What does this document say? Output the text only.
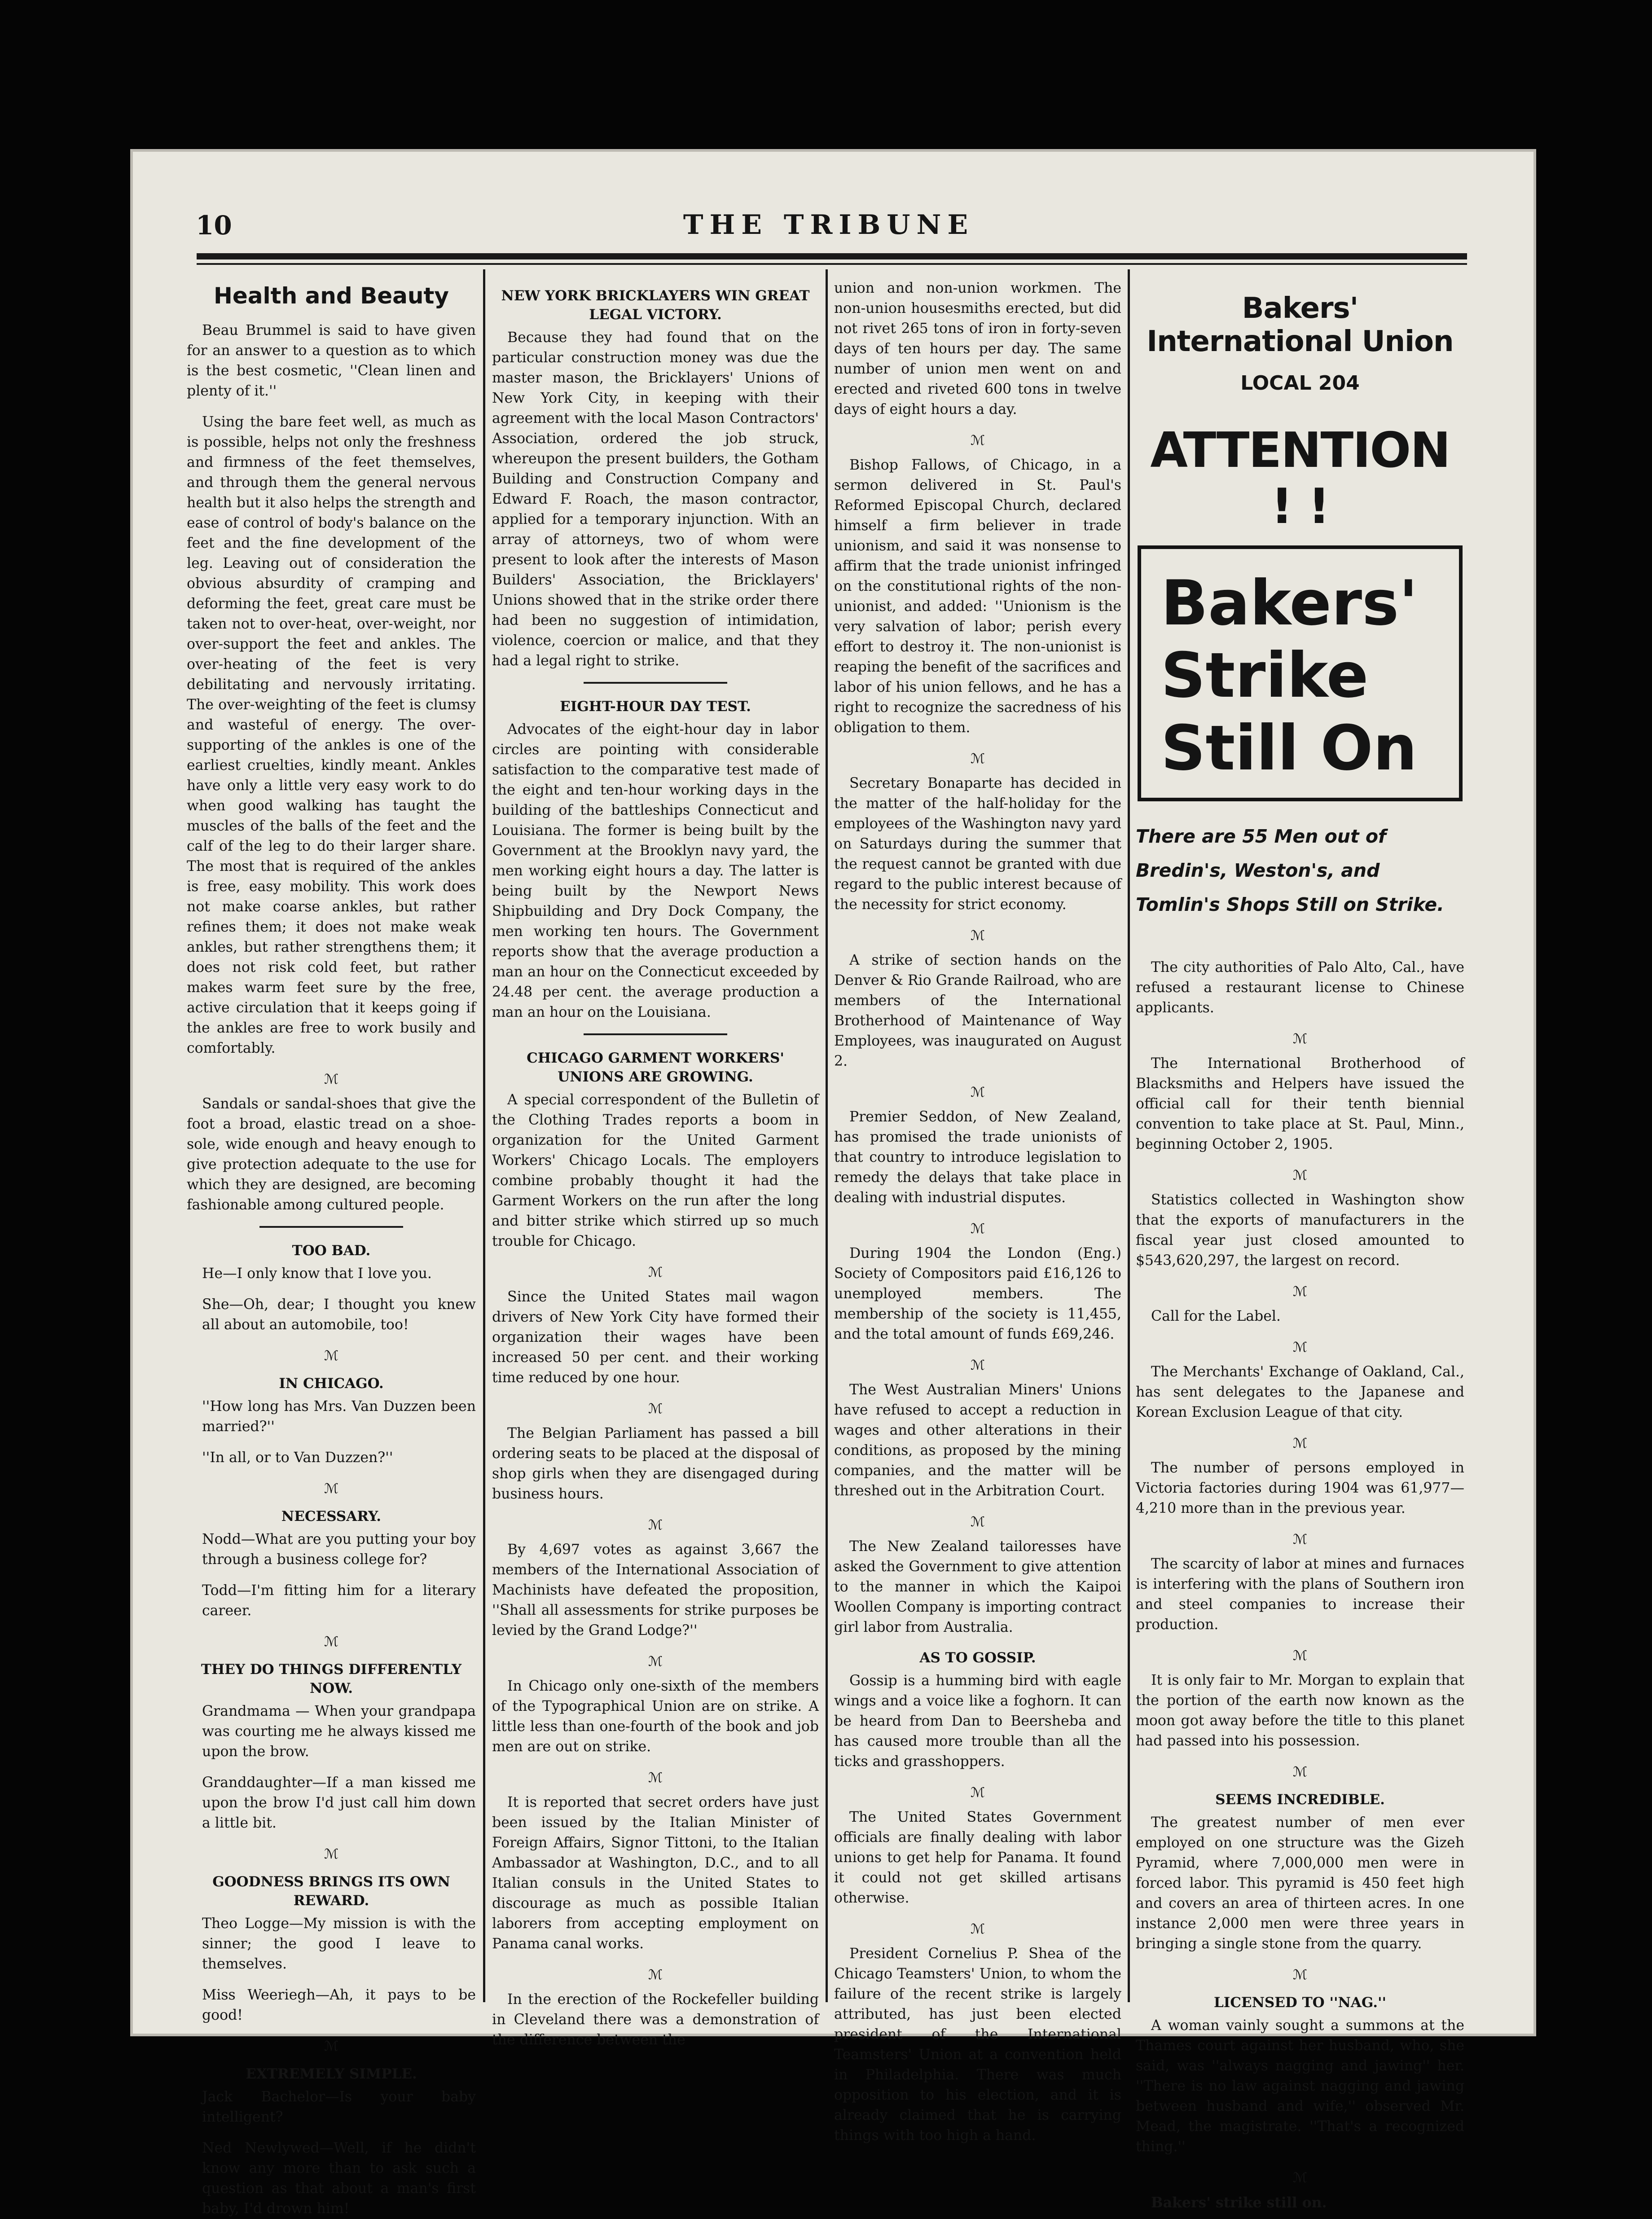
10	THE TRIBUNE
Health and Beauty

Beau Brummel is said to have given for an answer to a question as to which is the best cosmetic, ''Clean linen and plenty of it.''

Using the bare feet well, as much as is possible, helps not only the freshness and firmness of the feet themselves, and through them the general nervous health but it also helps the strength and ease of control of body's balance on the feet and the fine development of the leg. Leaving out of consideration the obvious absurdity of cramping and deforming the feet, great care must be taken not to over-heat, over-weight, nor over-support the feet and ankles. The over-heating of the feet is very debilitating and nervously irritating. The over-weighting of the feet is clumsy and wasteful of energy. The over-supporting of the ankles is one of the earliest cruelties, kindly meant. Ankles have only a little very easy work to do when good walking has taught the muscles of the balls of the feet and the calf of the leg to do their larger share. The most that is required of the ankles is free, easy mobility. This work does not make coarse ankles, but rather refines them; it does not make weak ankles, but rather strengthens them; it does not risk cold feet, but rather makes warm feet sure by the free, active circulation that it keeps going if the ankles are free to work busily and comfortably.

ℳ

Sandals or sandal-shoes that give the foot a broad, elastic tread on a shoe-sole, wide enough and heavy enough to give protection adequate to the use for which they are designed, are becoming fashionable among cultured people.

TOO BAD.

He—I only know that I love you.

She—Oh, dear; I thought you knew all about an automobile, too!

ℳ
IN CHICAGO.

''How long has Mrs. Van Duzzen been married?''

''In all, or to Van Duzzen?''

ℳ
NECESSARY.

Nodd—What are you putting your boy through a business college for?

Todd—I'm fitting him for a literary career.

ℳ
THEY DO THINGS DIFFERENTLY NOW.

Grandmama — When your grandpapa was courting me he always kissed me upon the brow.

Granddaughter—If a man kissed me upon the brow I'd just call him down a little bit.

ℳ
GOODNESS BRINGS ITS OWN REWARD.

Theo Logge—My mission is with the sinner; the good I leave to themselves.

Miss Weeriegh—Ah, it pays to be good!

ℳ
EXTREMELY SIMPLE.

Jack Bachelor—Is your baby intelligent?

Ned Newlywed—Well, if he didn't know any more than to ask such a question as that about a man's first baby, I'd drown him!

NEW YORK BRICKLAYERS WIN GREAT LEGAL VICTORY.

Because they had found that on the particular construction money was due the master mason, the Bricklayers' Unions of New York City, in keeping with their agreement with the local Mason Contractors' Association, ordered the job struck, whereupon the present builders, the Gotham Building and Construction Company and Edward F. Roach, the mason contractor, applied for a temporary injunction. With an array of attorneys, two of whom were present to look after the interests of Mason Builders' Association, the Bricklayers' Unions showed that in the strike order there had been no suggestion of intimidation, violence, coercion or malice, and that they had a legal right to strike.

EIGHT-HOUR DAY TEST.

Advocates of the eight-hour day in labor circles are pointing with considerable satisfaction to the comparative test made of the eight and ten-hour working days in the building of the battleships Connecticut and Louisiana. The former is being built by the Government at the Brooklyn navy yard, the men working eight hours a day. The latter is being built by the Newport News Shipbuilding and Dry Dock Company, the men working ten hours. The Government reports show that the average production a man an hour on the Connecticut exceeded by 24.48 per cent. the average production a man an hour on the Louisiana.

CHICAGO GARMENT WORKERS' UNIONS ARE GROWING.

A special correspondent of the Bulletin of the Clothing Trades reports a boom in organization for the United Garment Workers' Chicago Locals. The employers combine probably thought it had the Garment Workers on the run after the long and bitter strike which stirred up so much trouble for Chicago.

ℳ

Since the United States mail wagon drivers of New York City have formed their organization their wages have been increased 50 per cent. and their working time reduced by one hour.

ℳ

The Belgian Parliament has passed a bill ordering seats to be placed at the disposal of shop girls when they are disengaged during business hours.

ℳ

By 4,697 votes as against 3,667 the members of the International Association of Machinists have defeated the proposition, ''Shall all assessments for strike purposes be levied by the Grand Lodge?''

ℳ

In Chicago only one-sixth of the members of the Typographical Union are on strike. A little less than one-fourth of the book and job men are out on strike.

ℳ

It is reported that secret orders have just been issued by the Italian Minister of Foreign Affairs, Signor Tittoni, to the Italian Ambassador at Washington, D.C., and to all Italian consuls in the United States to discourage as much as possible Italian laborers from accepting employment on Panama canal works.

ℳ

In the erection of the Rockefeller building in Cleveland there was a demonstration of the difference between the

union and non-union workmen. The non-union housesmiths erected, but did not rivet 265 tons of iron in forty-seven days of ten hours per day. The same number of union men went on and erected and riveted 600 tons in twelve days of eight hours a day.

ℳ

Bishop Fallows, of Chicago, in a sermon delivered in St. Paul's Reformed Episcopal Church, declared himself a firm believer in trade unionism, and said it was nonsense to affirm that the trade unionist infringed on the constitutional rights of the non-unionist, and added: ''Unionism is the very salvation of labor; perish every effort to destroy it. The non-unionist is reaping the benefit of the sacrifices and labor of his union fellows, and he has a right to recognize the sacredness of his obligation to them.

ℳ

Secretary Bonaparte has decided in the matter of the half-holiday for the employees of the Washington navy yard on Saturdays during the summer that the request cannot be granted with due regard to the public interest because of the necessity for strict economy.

ℳ

A strike of section hands on the Denver & Rio Grande Railroad, who are members of the International Brotherhood of Maintenance of Way Employees, was inaugurated on August 2.

ℳ

Premier Seddon, of New Zealand, has promised the trade unionists of that country to introduce legislation to remedy the delays that take place in dealing with industrial disputes.

ℳ

During 1904 the London (Eng.) Society of Compositors paid £16,126 to unemployed members. The membership of the society is 11,455, and the total amount of funds £69,246.

ℳ

The West Australian Miners' Unions have refused to accept a reduction in wages and other alterations in their conditions, as proposed by the mining companies, and the matter will be threshed out in the Arbitration Court.

ℳ

The New Zealand tailoresses have asked the Government to give attention to the manner in which the Kaipoi Woollen Company is importing contract girl labor from Australia.

AS TO GOSSIP.

Gossip is a humming bird with eagle wings and a voice like a foghorn. It can be heard from Dan to Beersheba and has caused more trouble than all the ticks and grasshoppers.

ℳ

The United States Government officials are finally dealing with labor unions to get help for Panama. It found it could not get skilled artisans otherwise.

ℳ

President Cornelius P. Shea of the Chicago Teamsters' Union, to whom the failure of the recent strike is largely attributed, has just been elected president of the International Teamsters' Union at a convention held in Philadelphia. There was much opposition to his election, and it is already claimed that he is carrying things with too high a hand.

Bakers' International Union
LOCAL 204
ATTENTION ! !
Bakers'
Strike
Still On
There are 55 Men out of Bredin's, Weston's, and Tomlin's Shops Still on Strike.

The city authorities of Palo Alto, Cal., have refused a restaurant license to Chinese applicants.

ℳ

The International Brotherhood of Blacksmiths and Helpers have issued the official call for their tenth biennial convention to take place at St. Paul, Minn., beginning October 2, 1905.

ℳ

Statistics collected in Washington show that the exports of manufacturers in the fiscal year just closed amounted to $543,620,297, the largest on record.

ℳ

Call for the Label.

ℳ

The Merchants' Exchange of Oakland, Cal., has sent delegates to the Japanese and Korean Exclusion League of that city.

ℳ

The number of persons employed in Victoria factories during 1904 was 61,977—4,210 more than in the previous year.

ℳ

The scarcity of labor at mines and furnaces is interfering with the plans of Southern iron and steel companies to increase their production.

ℳ

It is only fair to Mr. Morgan to explain that the portion of the earth now known as the moon got away before the title to this planet had passed into his possession.

ℳ
SEEMS INCREDIBLE.

The greatest number of men ever employed on one structure was the Gizeh Pyramid, where 7,000,000 men were in forced labor. This pyramid is 450 feet high and covers an area of thirteen acres. In one instance 2,000 men were three years in bringing a single stone from the quarry.

ℳ
LICENSED TO ''NAG.''

A woman vainly sought a summons at the Thames court against her husband, who, she said, was ''always nagging and jawing'' her. ''There is no law against nagging and jawing between husband and wife,'' observed Mr. Mead, the magistrate. ''That's a recognized thing.''

ℳ

Bakers' strike still on.
